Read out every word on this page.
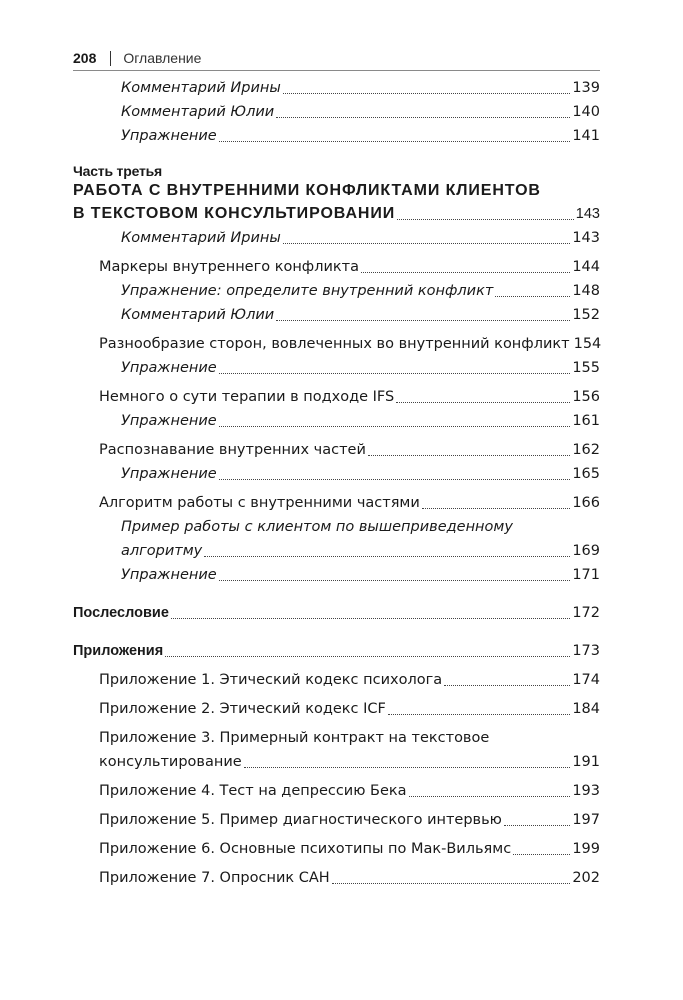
208 Оглавление
Комментарий Ирины	139
Комментарий Юлии	140
Упражнение	141
Часть третья
РАБОТА С ВНУТРЕННИМИ КОНФЛИКТАМИ КЛИЕНТОВ
В ТЕКСТОВОМ КОНСУЛЬТИРОВАНИИ	143
Комментарий Ирины	143
Маркеры внутреннего конфликта	144
Упражнение: определите внутренний конфликт	148
Комментарий Юлии	152
Разнообразие сторон, вовлеченных во внутренний конфликт 154
Упражнение	155
Немного о сути терапии в подходе IFS	156
Упражнение	161
Распознавание внутренних частей	162
Упражнение	165
Алгоритм работы с внутренними частями	166
Пример работы с клиентом по вышеприведенному
алгоритму	169
Упражнение	171
Послесловие	172
Приложения	173
Приложение 1. Этический кодекс психолога	174
Приложение 2. Этический кодекс ICF	184
Приложение 3. Примерный контракт на текстовое
консультирование	191
Приложение 4. Тест на депрессию Бека	193
Приложение 5. Пример диагностического интервью	197
Приложение 6. Основные психотипы по Мак-Вильямс	199
Приложение 7. Опросник САН	202
